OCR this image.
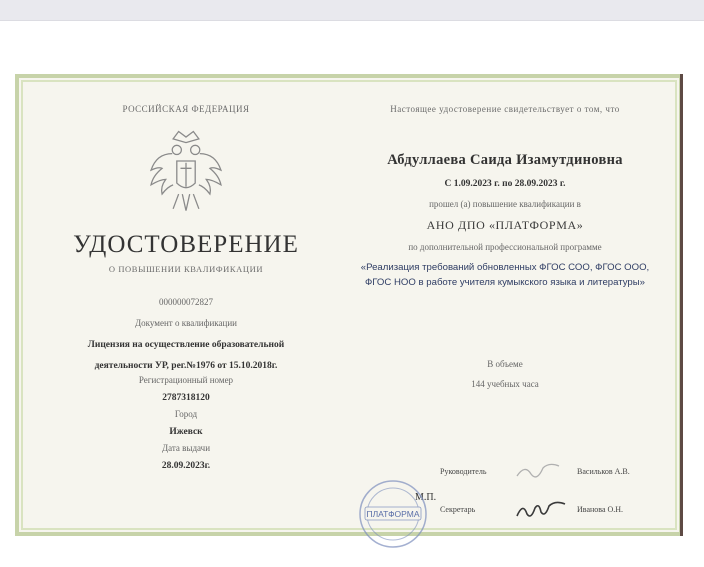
РОССИЙСКАЯ ФЕДЕРАЦИЯ
УДОСТОВЕРЕНИЕ
О ПОВЫШЕНИИ КВАЛИФИКАЦИИ
000000072827
Документ о квалификации
Лицензия на осуществление образовательной
деятельности УР, рег.№1976 от 15.10.2018г.
Регистрационный номер
2787318120
Город
Ижевск
Дата выдачи
28.09.2023г.
Настоящее удостоверение свидетельствует о том, что
Абдуллаева Саида Изамутдиновна
С 1.09.2023 г. по 28.09.2023 г.
прошел (а) повышение квалификации в
АНО ДПО «ПЛАТФОРМА»
по дополнительной профессиональной программе
«Реализация требований обновленных ФГОС СОО, ФГОС ООО,
ФГОС НОО в работе учителя кумыкского языка и литературы»
В объеме
144 учебных часа
Руководитель	Васильков А.В.
Секретарь	Иванова О.Н.
М.П.
ПЛАТФОРМА
